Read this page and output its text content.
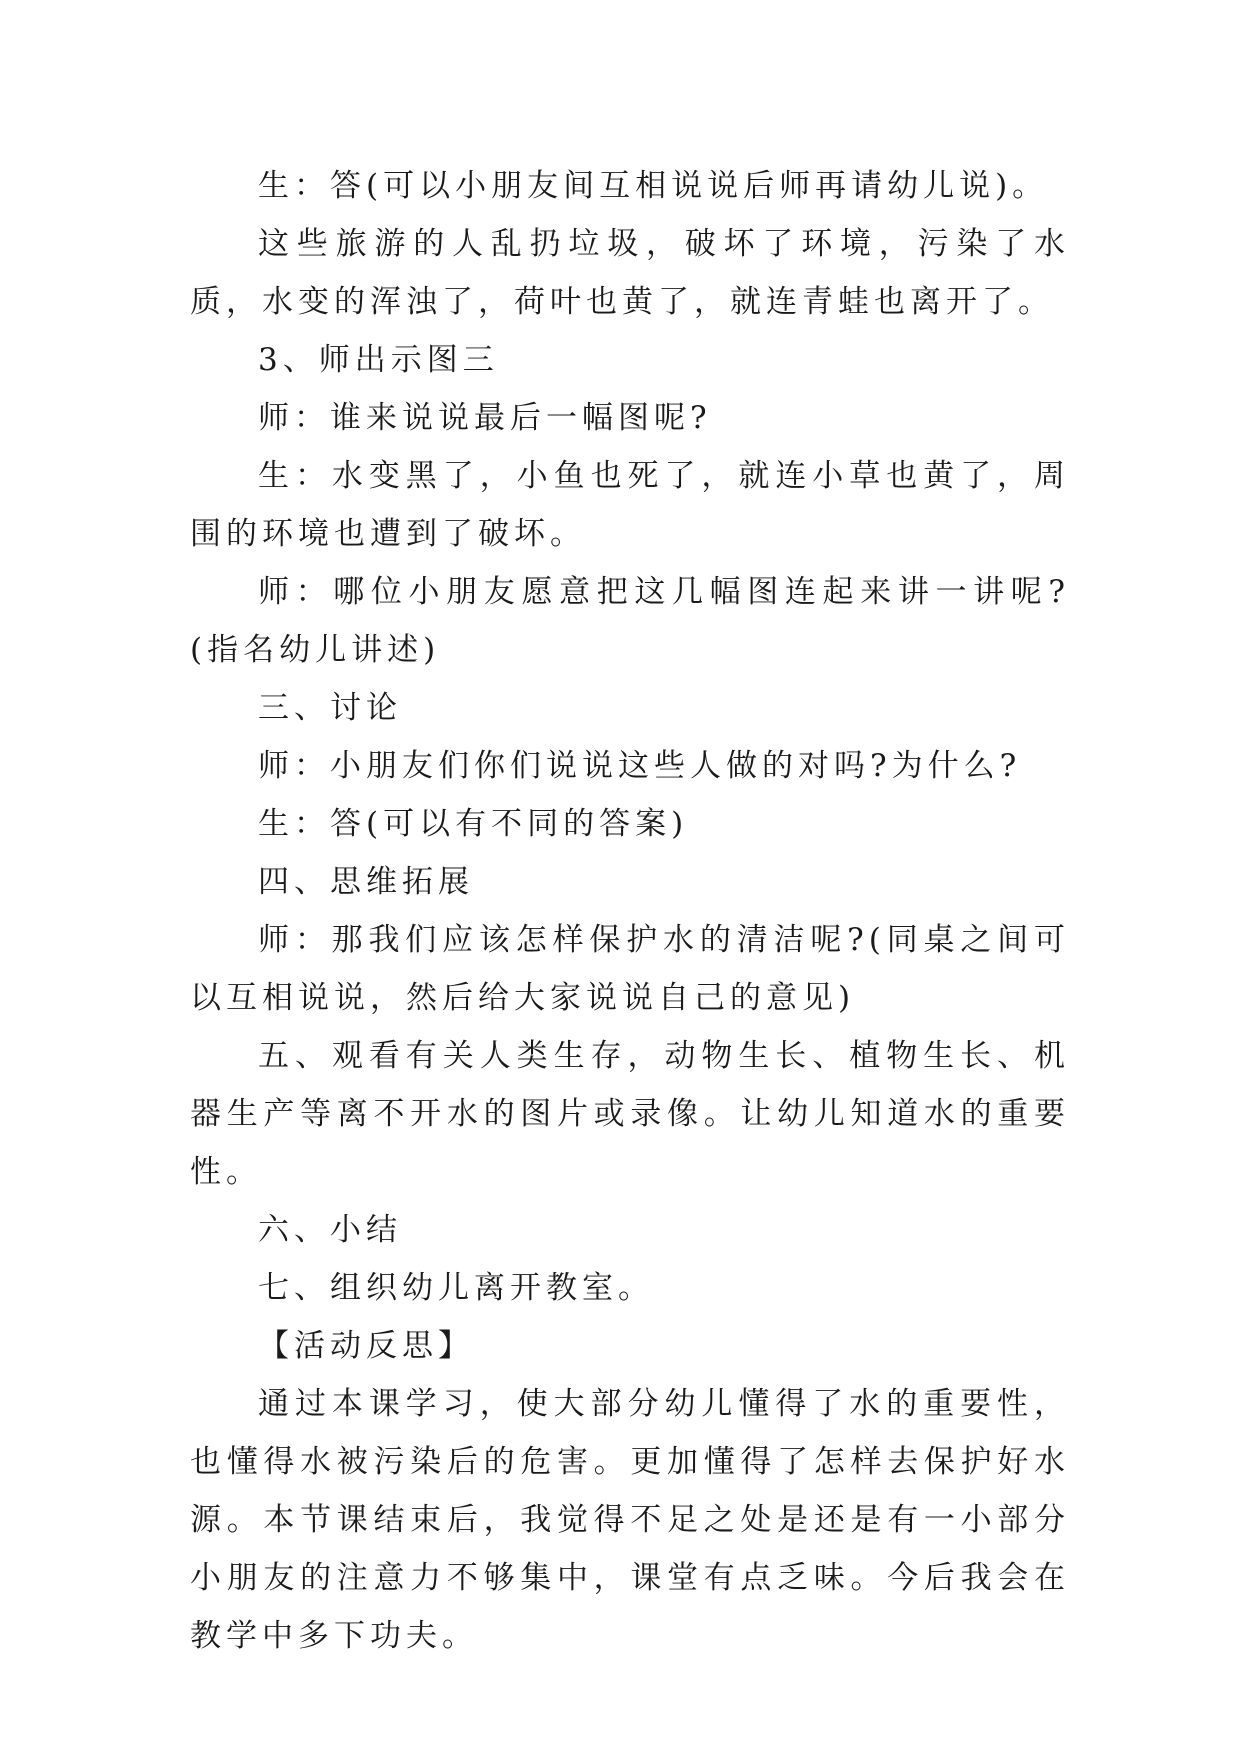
生：答(可以小朋友间互相说说后师再请幼儿说)。

这些旅游的人乱扔垃圾，破坏了环境，污染了水质，水变的浑浊了，荷叶也黄了，就连青蛙也离开了。

3、师出示图三

师：谁来说说最后一幅图呢?

生：水变黑了，小鱼也死了，就连小草也黄了，周围的环境也遭到了破坏。

师：哪位小朋友愿意把这几幅图连起来讲一讲呢?(指名幼儿讲述)

三、讨论

师：小朋友们你们说说这些人做的对吗?为什么?

生：答(可以有不同的答案)

四、思维拓展

师：那我们应该怎样保护水的清洁呢?(同桌之间可以互相说说，然后给大家说说自己的意见)

五、观看有关人类生存，动物生长、植物生长、机器生产等离不开水的图片或录像。让幼儿知道水的重要性。

六、小结

七、组织幼儿离开教室。

【活动反思】

通过本课学习，使大部分幼儿懂得了水的重要性，也懂得水被污染后的危害。更加懂得了怎样去保护好水源。本节课结束后，我觉得不足之处是还是有一小部分小朋友的注意力不够集中，课堂有点乏味。今后我会在教学中多下功夫。
